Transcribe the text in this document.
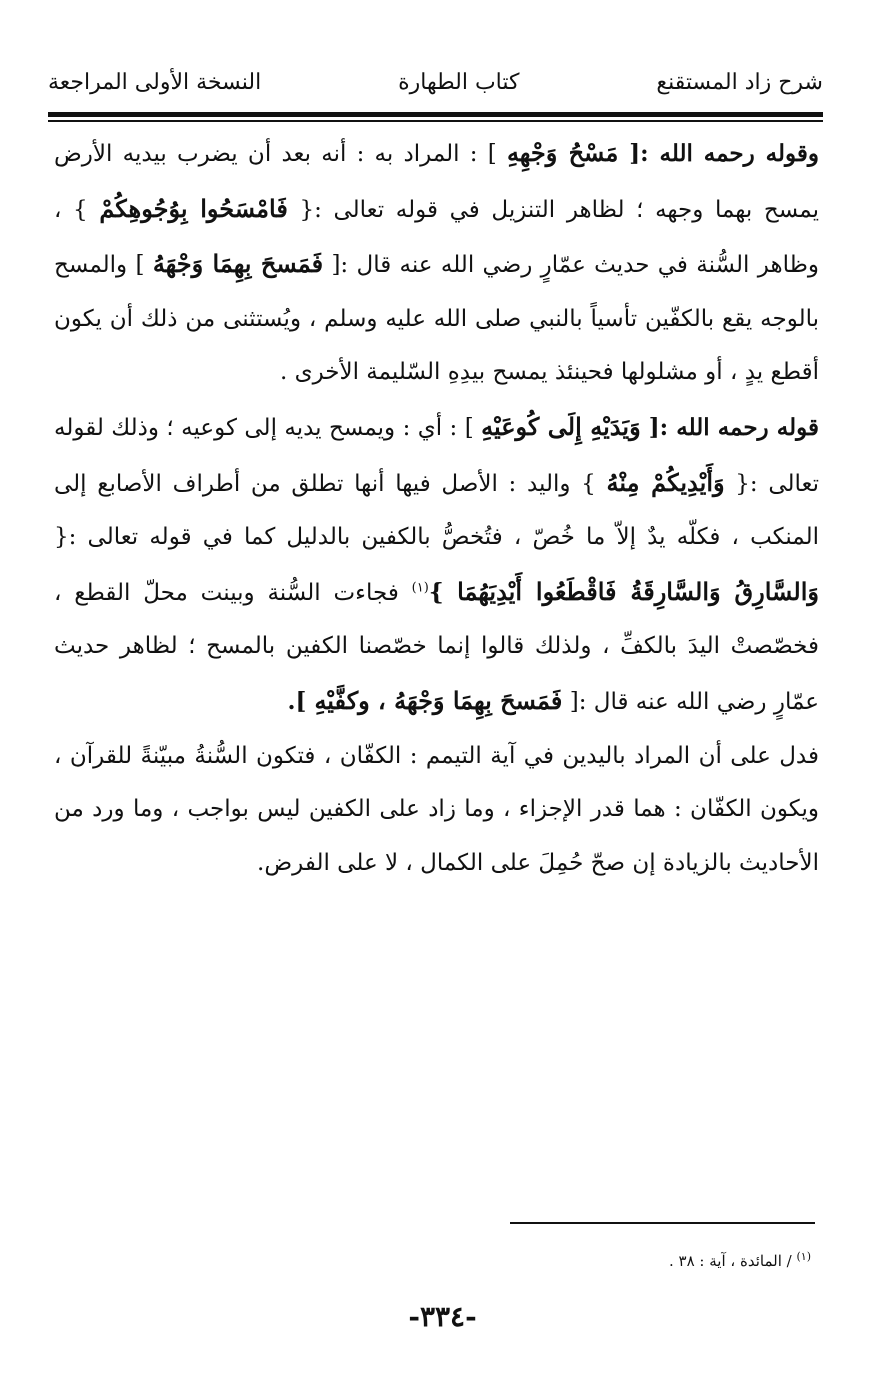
شرح زاد المستقنع
كتاب الطهارة
النسخة الأولى المراجعة

وقوله رحمه الله :[ مَسْحُ وَجْهِهِ ] : المراد به : أنه بعد أن يضرب بيديه الأرض يمسح بهما وجهه ؛ لظاهر التنزيل في قوله تعالى :{ فَامْسَحُوا بِوُجُوهِكُمْ } ، وظاهر السُّنة في حديث عمّارٍ رضي الله عنه قال :[ فَمَسحَ بِهِمَا وَجْهَهُ ] والمسح بالوجه يقع بالكفّين تأسياً بالنبي صلى الله عليه وسلم ، ويُستثنى من ذلك أن يكون أقطع يدٍ ، أو مشلولها فحينئذ يمسح بيدِهِ السّليمة الأخرى .

قوله رحمه الله :[ وَيَدَيْهِ إِلَى كُوعَيْهِ ] : أي : ويمسح يديه إلى كوعيه ؛ وذلك لقوله تعالى :{ وَأَيْدِيكُمْ مِنْهُ } واليد : الأصل فيها أنها تطلق من أطراف الأصابع إلى المنكب ، فكلّه يدٌ إلاّ ما خُصّ ، فتُخصُّ بالكفين بالدليل كما في قوله تعالى :{ وَالسَّارِقُ وَالسَّارِقَةُ فَاقْطَعُوا أَيْدِيَهُمَا }$^{(١)}$ فجاءت السُّنة وبينت محلّ القطع ، فخصّصتْ اليدَ بالكفِّ ، ولذلك قالوا إنما خصّصنا الكفين بالمسح ؛ لظاهر حديث عمّارٍ رضي الله عنه قال :[ فَمَسحَ بِهِمَا وَجْهَهُ ، وكفَّيْهِ ].

فدل على أن المراد باليدين في آية التيمم : الكفّان ، فتكون السُّنةُ مبيّنةً للقرآن ، ويكون الكفّان : هما قدر الإجزاء ، وما زاد على الكفين ليس بواجب ، وما ورد من الأحاديث بالزيادة إن صحّ حُمِلَ على الكمال ، لا على الفرض.

$^{(١)}$ / المائدة ، آية : ٣٨ .
-٣٣٤-
